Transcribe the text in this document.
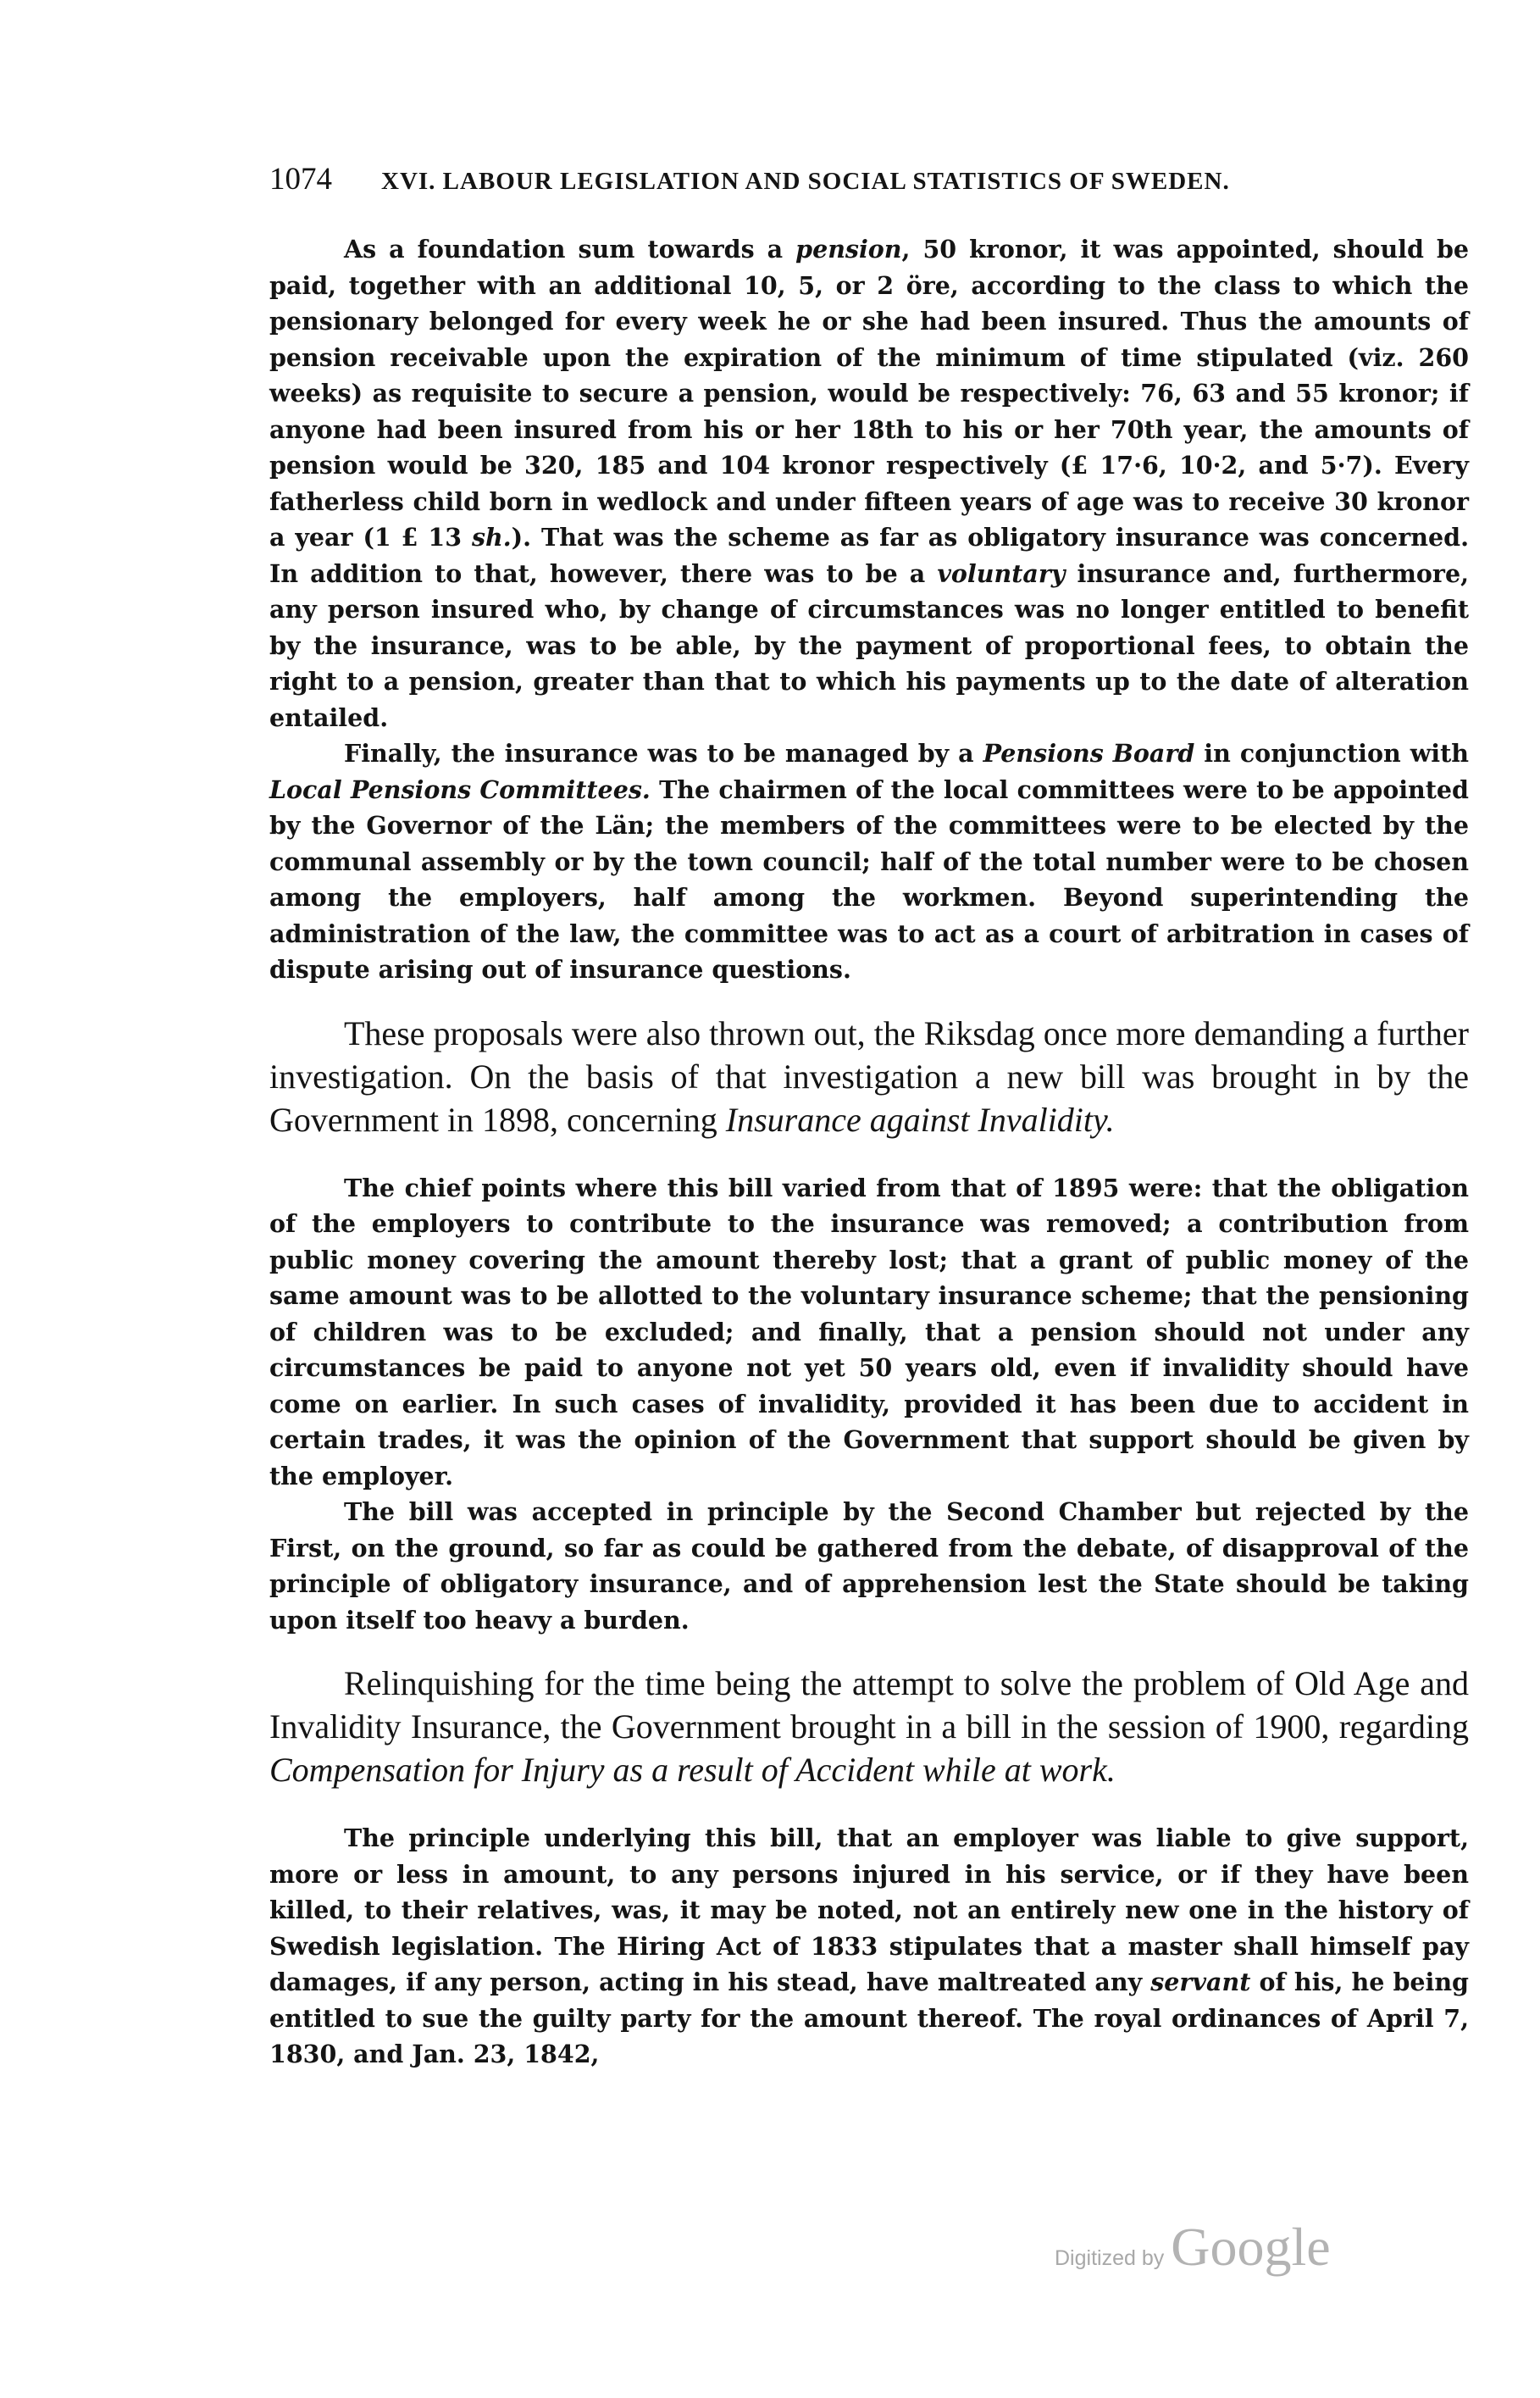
1074 XVI. LABOUR LEGISLATION AND SOCIAL STATISTICS OF SWEDEN.

As a foundation sum towards a pension, 50 kronor, it was appointed, should be paid, together with an additional 10, 5, or 2 öre, according to the class to which the pensionary belonged for every week he or she had been insured. Thus the amounts of pension receivable upon the expiration of the minimum of time stipulated (viz. 260 weeks) as requisite to secure a pension, would be respectively: 76, 63 and 55 kronor; if anyone had been insured from his or her 18th to his or her 70th year, the amounts of pension would be 320, 185 and 104 kronor respectively (£ 17·6, 10·2, and 5·7). Every fatherless child born in wedlock and under fifteen years of age was to receive 30 kronor a year (1 £ 13 sh.). That was the scheme as far as obligatory insurance was concerned. In addition to that, however, there was to be a voluntary insurance and, furthermore, any person insured who, by change of circumstances was no longer entitled to benefit by the insurance, was to be able, by the payment of proportional fees, to obtain the right to a pension, greater than that to which his payments up to the date of alteration entailed.

Finally, the insurance was to be managed by a Pensions Board in conjunction with Local Pensions Committees. The chairmen of the local committees were to be appointed by the Governor of the Län; the members of the committees were to be elected by the communal assembly or by the town council; half of the total number were to be chosen among the employers, half among the workmen. Beyond superintending the administration of the law, the committee was to act as a court of arbitration in cases of dispute arising out of insurance questions.

These proposals were also thrown out, the Riksdag once more demanding a further investigation. On the basis of that investigation a new bill was brought in by the Government in 1898, concerning Insurance against Invalidity.

The chief points where this bill varied from that of 1895 were: that the obligation of the employers to contribute to the insurance was removed; a contribution from public money covering the amount thereby lost; that a grant of public money of the same amount was to be allotted to the voluntary insurance scheme; that the pensioning of children was to be excluded; and finally, that a pension should not under any circumstances be paid to anyone not yet 50 years old, even if invalidity should have come on earlier. In such cases of invalidity, provided it has been due to accident in certain trades, it was the opinion of the Government that support should be given by the employer.

The bill was accepted in principle by the Second Chamber but rejected by the First, on the ground, so far as could be gathered from the debate, of disapproval of the principle of obligatory insurance, and of apprehension lest the State should be taking upon itself too heavy a burden.

Relinquishing for the time being the attempt to solve the problem of Old Age and Invalidity Insurance, the Government brought in a bill in the session of 1900, regarding Compensation for Injury as a result of Accident while at work.

The principle underlying this bill, that an employer was liable to give support, more or less in amount, to any persons injured in his service, or if they have been killed, to their relatives, was, it may be noted, not an entirely new one in the history of Swedish legislation. The Hiring Act of 1833 stipulates that a master shall himself pay damages, if any person, acting in his stead, have maltreated any servant of his, he being entitled to sue the guilty party for the amount thereof. The royal ordinances of April 7, 1830, and Jan. 23, 1842,

Digitized by Google
